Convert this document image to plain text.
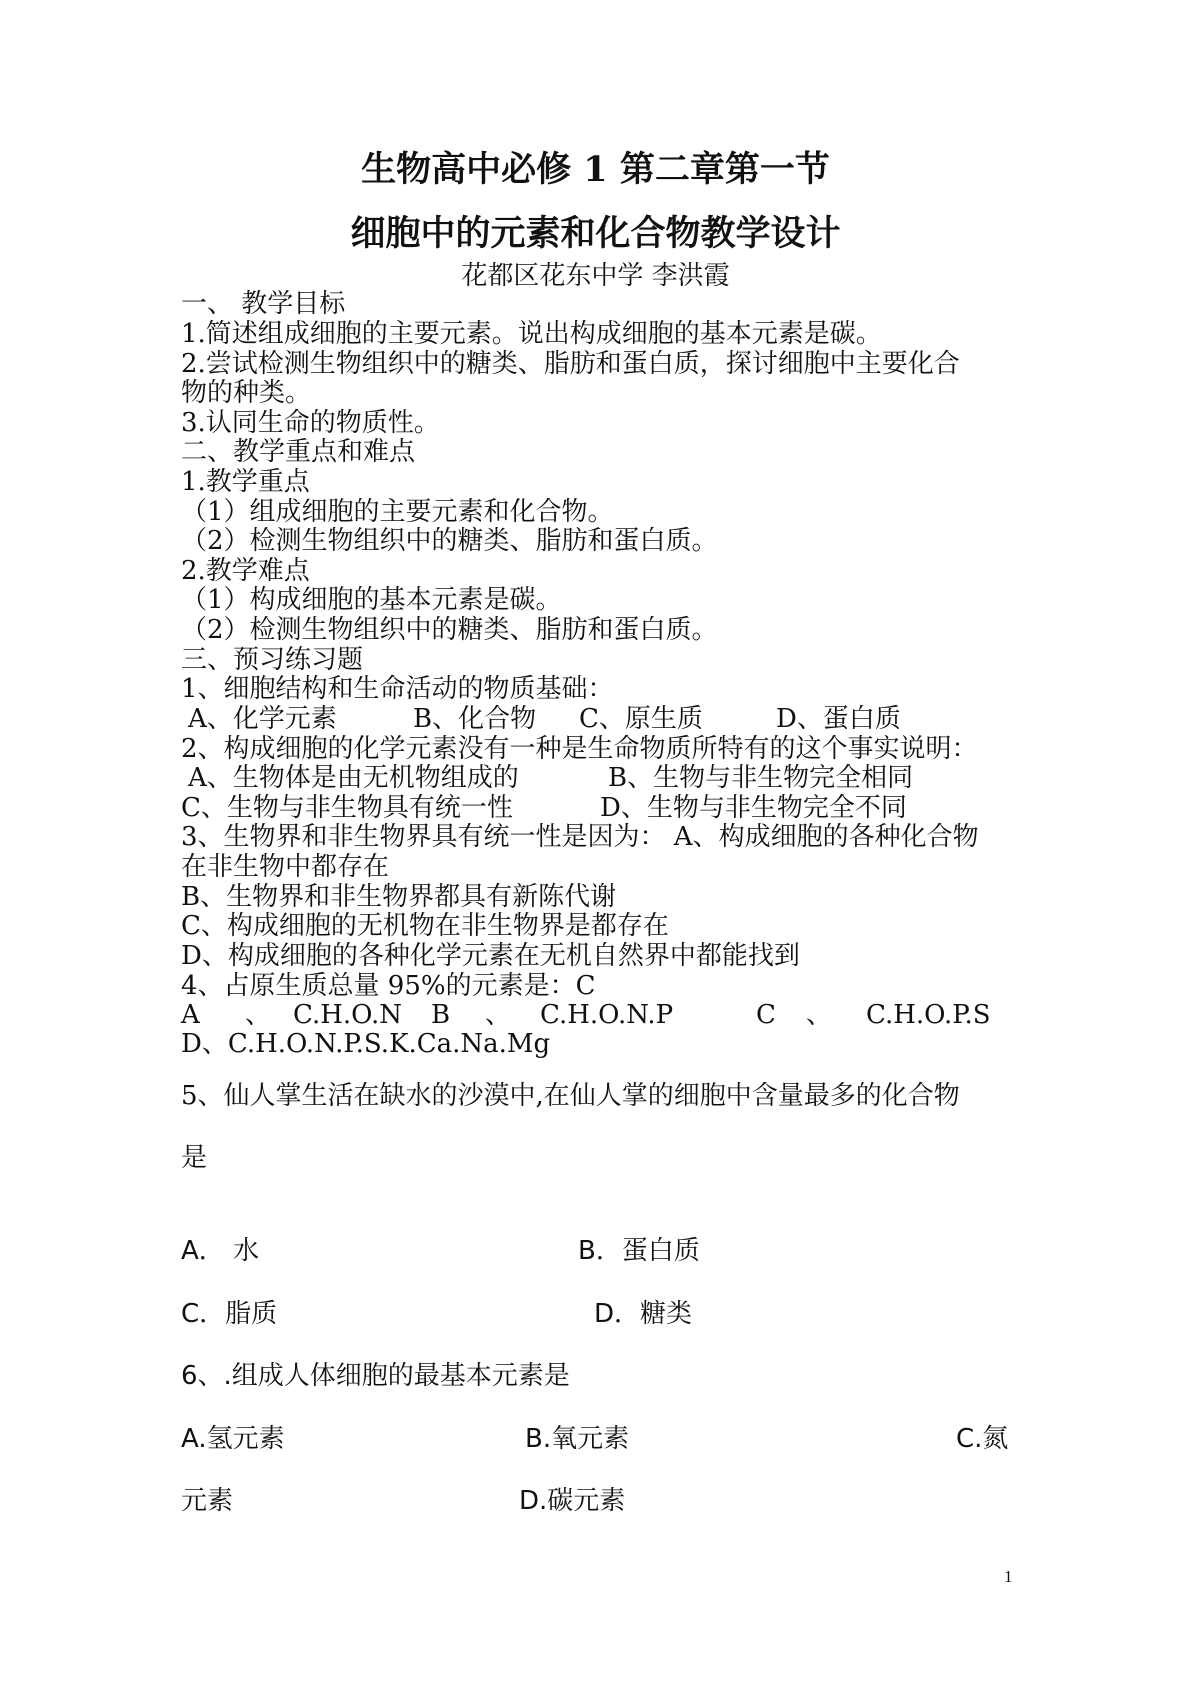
生物高中必修 1 第二章第一节
细胞中的元素和化合物教学设计
花都区花东中学 李洪霞
一、 教学目标
1.简述组成细胞的主要元素。说出构成细胞的基本元素是碳。
2.尝试检测生物组织中的糖类、脂肪和蛋白质，探讨细胞中主要化合
物的种类。
3.认同生命的物质性。
二、教学重点和难点
1.教学重点
（1）组成细胞的主要元素和化合物。
（2）检测生物组织中的糖类、脂肪和蛋白质。
2.教学难点
（1）构成细胞的基本元素是碳。
（2）检测生物组织中的糖类、脂肪和蛋白质。
三、预习练习题
1、细胞结构和生命活动的物质基础：
A、化学元素	B、化合物 C、原生质	D、蛋白质
2、构成细胞的化学元素没有一种是生命物质所特有的这个事实说明：
A、生物体是由无机物组成的	B、生物与非生物完全相同
C、生物与非生物具有统一性	D、生物与非生物完全不同
3、生物界和非生物界具有统一性是因为： A、构成细胞的各种化合物
在非生物中都存在
B、生物界和非生物界都具有新陈代谢
C、构成细胞的无机物在非生物界是都存在
D、构成细胞的各种化学元素在无机自然界中都能找到
4、占原生质总量 95%的元素是：C
A 、 C.H.O.N B 、 C.H.O.N.P	C 、 C.H.O.P.S
D、C.H.O.N.P.S.K.Ca.Na.Mg
5、仙人掌生活在缺水的沙漠中,在仙人掌的细胞中含量最多的化合物
是
A． 水	B．蛋白质
C．脂质	D．糖类
6、.组成人体细胞的最基本元素是
A.氢元素	B.氧元素	C.氮
元素	D.碳元素
1
